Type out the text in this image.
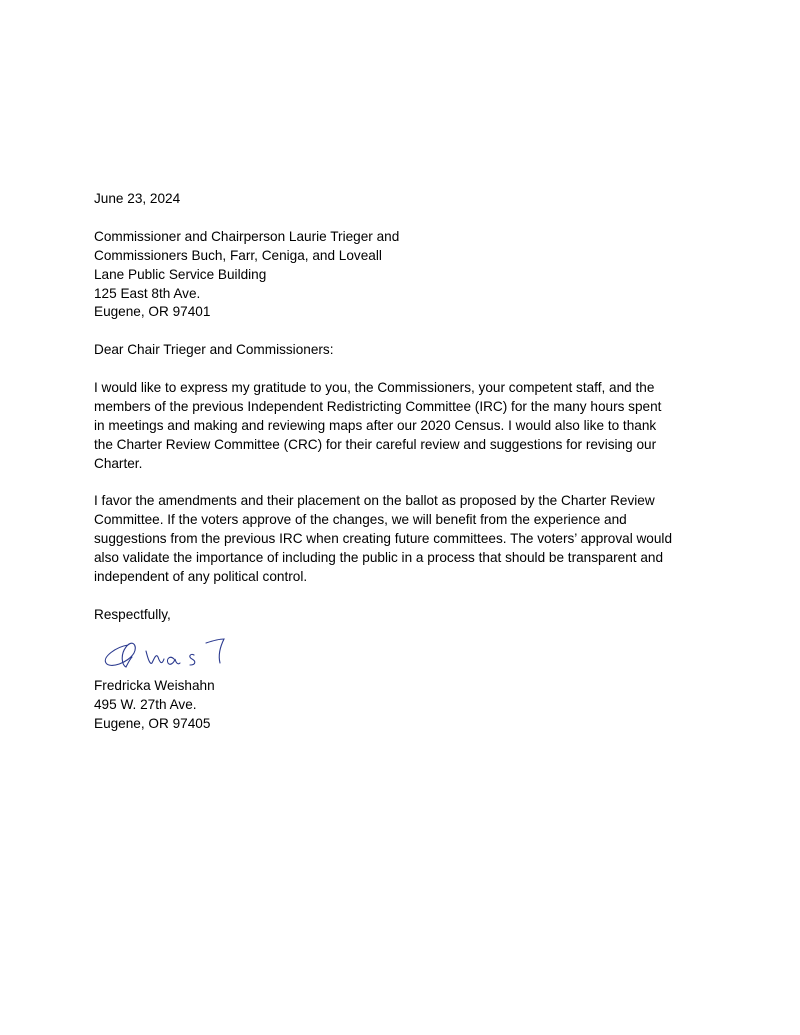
June 23, 2024
Commissioner and Chairperson Laurie Trieger and
Commissioners Buch, Farr, Ceniga, and Loveall
Lane Public Service Building
125 East 8th Ave.
Eugene, OR 97401
Dear Chair Trieger and Commissioners:
I would like to express my gratitude to you, the Commissioners, your competent staff, and the
members of the previous Independent Redistricting Committee (IRC) for the many hours spent
in meetings and making and reviewing maps after our 2020 Census. I would also like to thank
the Charter Review Committee (CRC) for their careful review and suggestions for revising our
Charter.
I favor the amendments and their placement on the ballot as proposed by the Charter Review
Committee. If the voters approve of the changes, we will benefit from the experience and
suggestions from the previous IRC when creating future committees. The voters’ approval would
also validate the importance of including the public in a process that should be transparent and
independent of any political control.
Respectfully,
Fredricka Weishahn
495 W. 27th Ave.
Eugene, OR 97405
